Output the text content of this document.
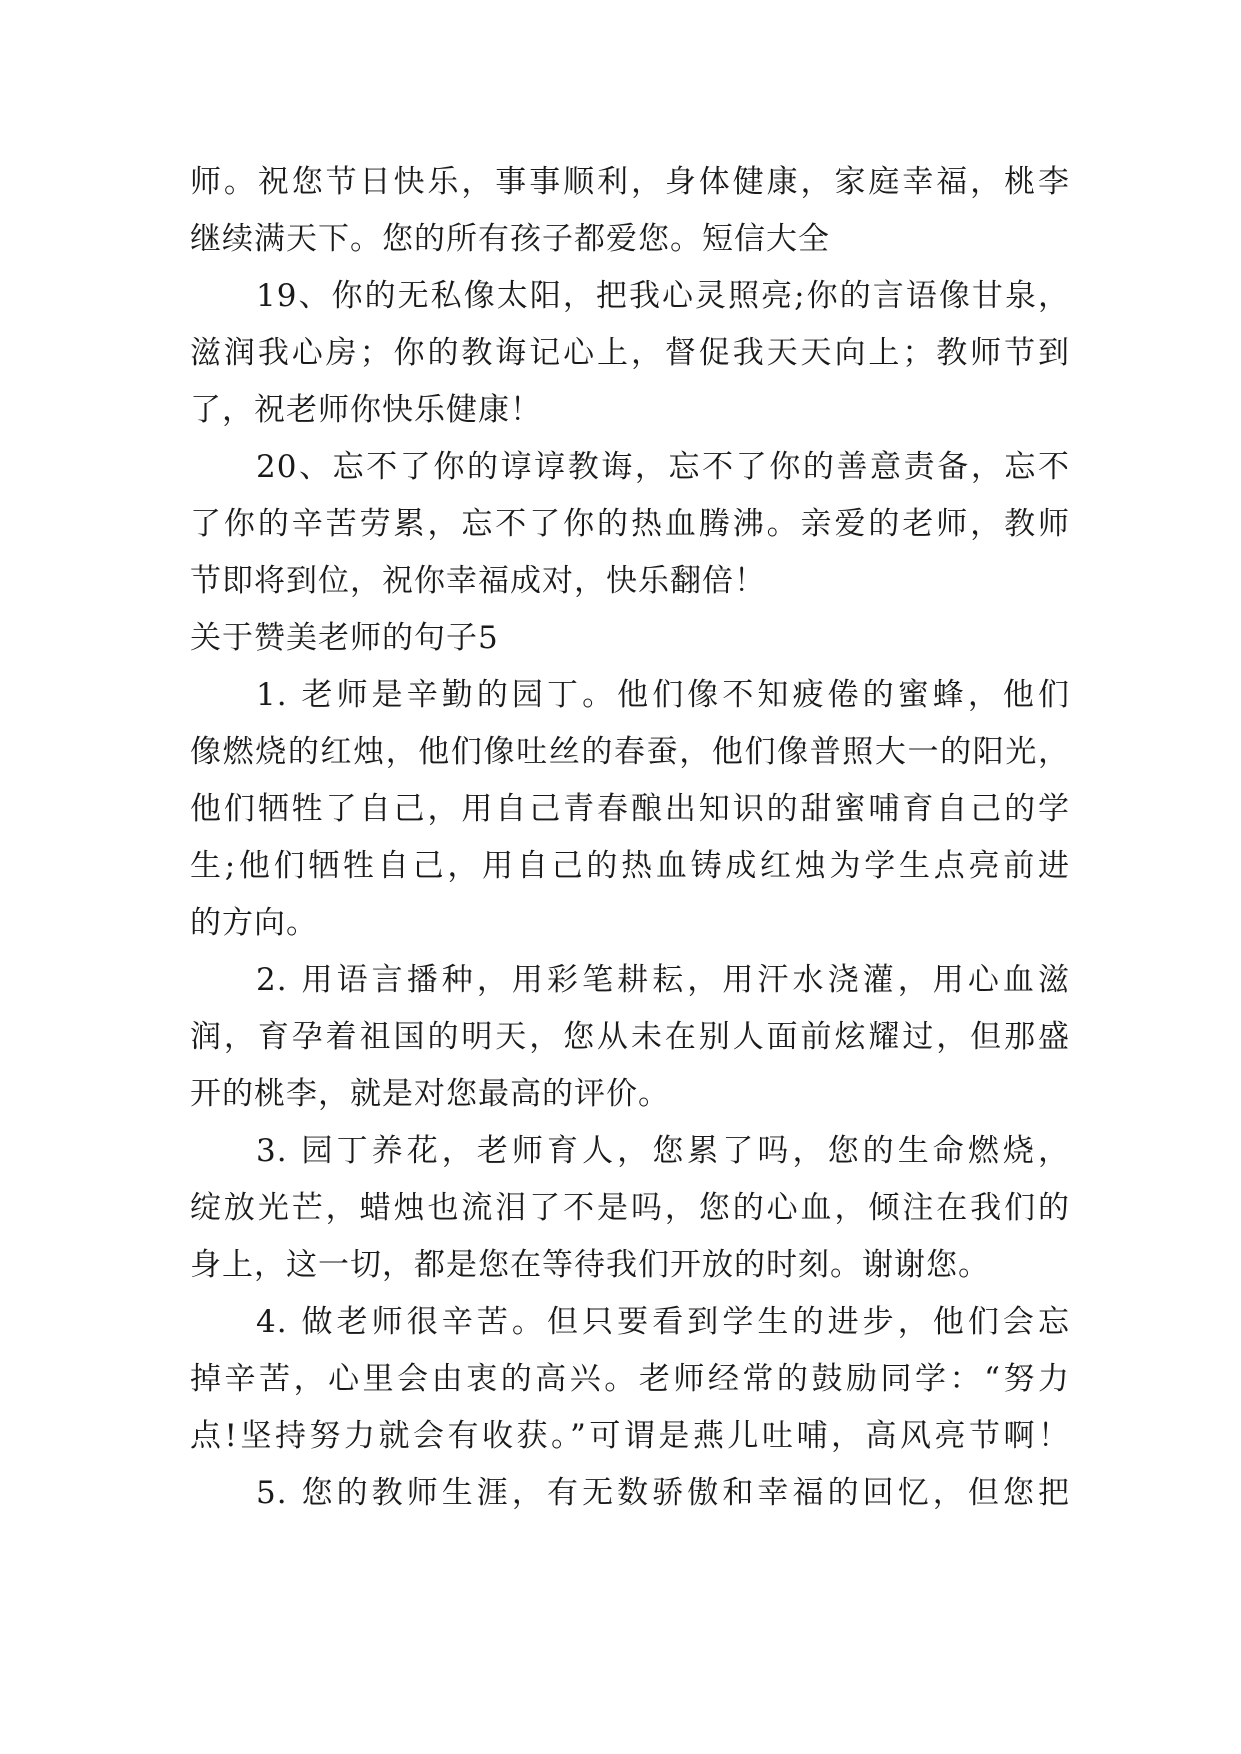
师。祝您节日快乐，事事顺利，身体健康，家庭幸福，桃李
继续满天下。您的所有孩子都爱您。短信大全
19、你的无私像太阳，把我心灵照亮;你的言语像甘泉，
滋润我心房；你的教诲记心上，督促我天天向上；教师节到
了，祝老师你快乐健康！
20、忘不了你的谆谆教诲，忘不了你的善意责备，忘不
了你的辛苦劳累，忘不了你的热血腾沸。亲爱的老师，教师
节即将到位，祝你幸福成对，快乐翻倍！
关于赞美老师的句子5
1. 老师是辛勤的园丁。他们像不知疲倦的蜜蜂，他们
像燃烧的红烛，他们像吐丝的春蚕，他们像普照大一的阳光，
他们牺牲了自己，用自己青春酿出知识的甜蜜哺育自己的学
生;他们牺牲自己，用自己的热血铸成红烛为学生点亮前进
的方向。
2. 用语言播种，用彩笔耕耘，用汗水浇灌，用心血滋
润，育孕着祖国的明天，您从未在别人面前炫耀过，但那盛
开的桃李，就是对您最高的评价。
3. 园丁养花，老师育人，您累了吗，您的生命燃烧，
绽放光芒，蜡烛也流泪了不是吗，您的心血，倾注在我们的
身上，这一切，都是您在等待我们开放的时刻。谢谢您。
4. 做老师很辛苦。但只要看到学生的进步，他们会忘
掉辛苦，心里会由衷的高兴。老师经常的鼓励同学：“努力
点!坚持努力就会有收获。”可谓是燕儿吐哺，高风亮节啊！
5. 您的教师生涯，有无数骄傲和幸福的回忆，但您把
